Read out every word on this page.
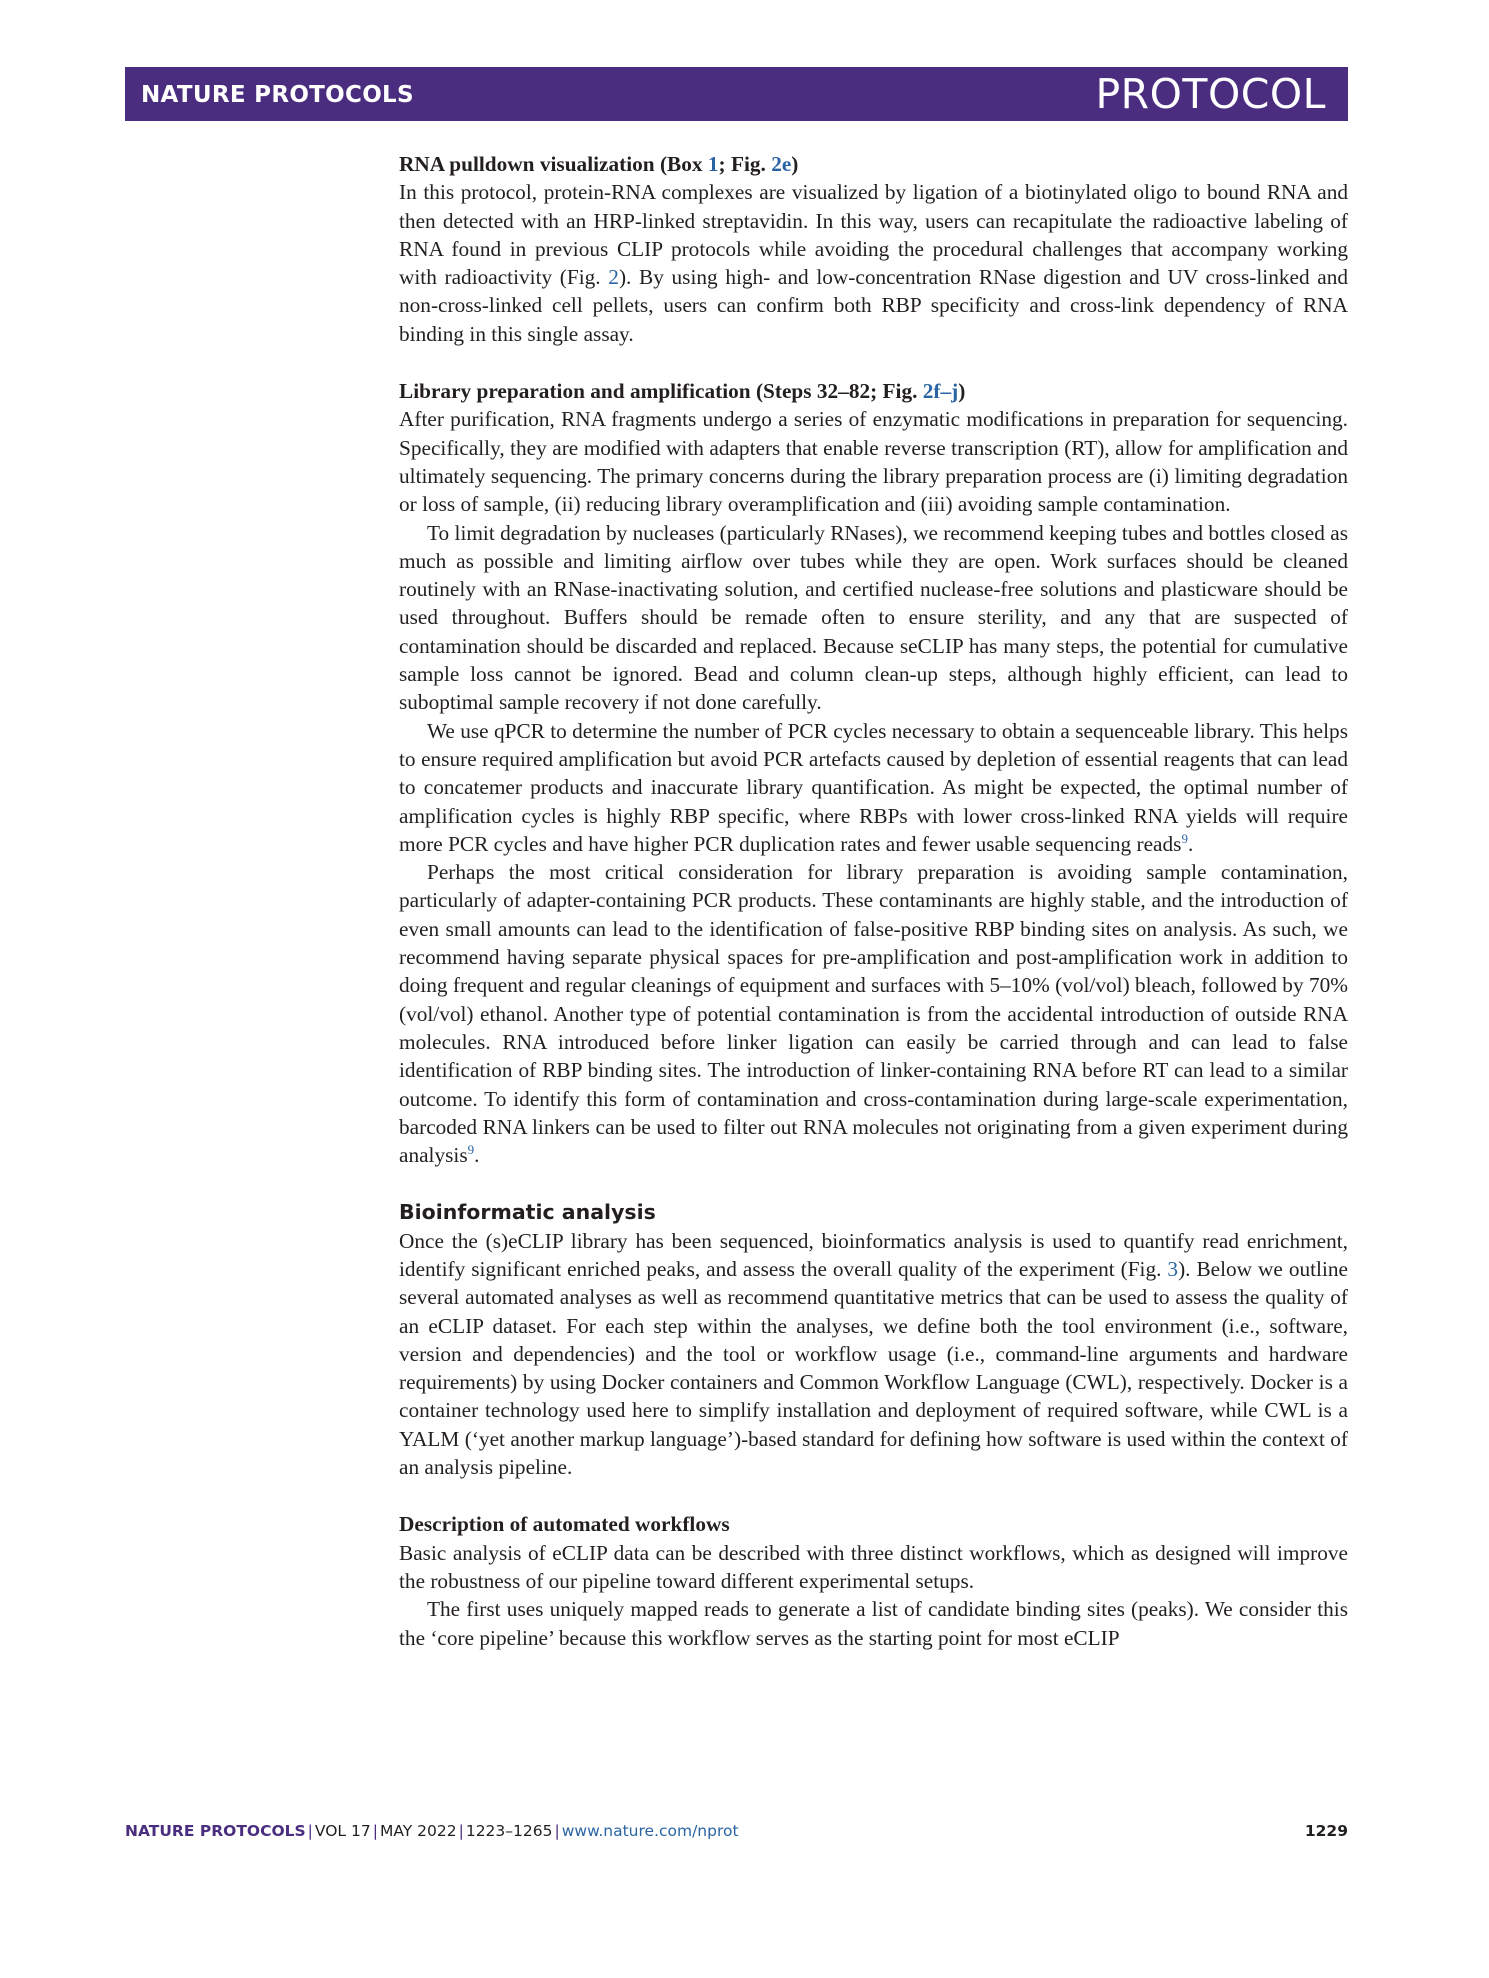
NATURE PROTOCOLS	PROTOCOL

RNA pulldown visualization (Box 1; Fig. 2e)

In this protocol, protein-RNA complexes are visualized by ligation of a biotinylated oligo to bound RNA and then detected with an HRP-linked streptavidin. In this way, users can recapitulate the radioactive labeling of RNA found in previous CLIP protocols while avoiding the procedural challenges that accompany working with radioactivity (Fig. 2). By using high- and low-concentration RNase digestion and UV cross-linked and non-cross-linked cell pellets, users can confirm both RBP specificity and cross-link dependency of RNA binding in this single assay.

Library preparation and amplification (Steps 32–82; Fig. 2f–j)

After purification, RNA fragments undergo a series of enzymatic modifications in preparation for sequencing. Specifically, they are modified with adapters that enable reverse transcription (RT), allow for amplification and ultimately sequencing. The primary concerns during the library preparation process are (i) limiting degradation or loss of sample, (ii) reducing library overamplification and (iii) avoiding sample contamination.

To limit degradation by nucleases (particularly RNases), we recommend keeping tubes and bottles closed as much as possible and limiting airflow over tubes while they are open. Work surfaces should be cleaned routinely with an RNase-inactivating solution, and certified nuclease-free solutions and plasticware should be used throughout. Buffers should be remade often to ensure sterility, and any that are suspected of contamination should be discarded and replaced. Because seCLIP has many steps, the potential for cumulative sample loss cannot be ignored. Bead and column clean-up steps, although highly efficient, can lead to suboptimal sample recovery if not done carefully.

We use qPCR to determine the number of PCR cycles necessary to obtain a sequenceable library. This helps to ensure required amplification but avoid PCR artefacts caused by depletion of essential reagents that can lead to concatemer products and inaccurate library quantification. As might be expected, the optimal number of amplification cycles is highly RBP specific, where RBPs with lower cross-linked RNA yields will require more PCR cycles and have higher PCR duplication rates and fewer usable sequencing reads$^9$.

Perhaps the most critical consideration for library preparation is avoiding sample contamination, particularly of adapter-containing PCR products. These contaminants are highly stable, and the introduction of even small amounts can lead to the identification of false-positive RBP binding sites on analysis. As such, we recommend having separate physical spaces for pre-amplification and post-amplification work in addition to doing frequent and regular cleanings of equipment and surfaces with 5–10% (vol/vol) bleach, followed by 70% (vol/vol) ethanol. Another type of potential contamination is from the accidental introduction of outside RNA molecules. RNA introduced before linker ligation can easily be carried through and can lead to false identification of RBP binding sites. The introduction of linker-containing RNA before RT can lead to a similar outcome. To identify this form of contamination and cross-contamination during large-scale experimentation, barcoded RNA linkers can be used to filter out RNA molecules not originating from a given experiment during analysis$^9$.

Bioinformatic analysis

Once the (s)eCLIP library has been sequenced, bioinformatics analysis is used to quantify read enrichment, identify significant enriched peaks, and assess the overall quality of the experiment (Fig. 3). Below we outline several automated analyses as well as recommend quantitative metrics that can be used to assess the quality of an eCLIP dataset. For each step within the analyses, we define both the tool environment (i.e., software, version and dependencies) and the tool or workflow usage (i.e., command-line arguments and hardware requirements) by using Docker containers and Common Workflow Language (CWL), respectively. Docker is a container technology used here to simplify installation and deployment of required software, while CWL is a YALM (‘yet another markup language’)-based standard for defining how software is used within the context of an analysis pipeline.

Description of automated workflows

Basic analysis of eCLIP data can be described with three distinct workflows, which as designed will improve the robustness of our pipeline toward different experimental setups.

The first uses uniquely mapped reads to generate a list of candidate binding sites (peaks). We consider this the ‘core pipeline’ because this workflow serves as the starting point for most eCLIP

NATURE PROTOCOLS | VOL 17 | MAY 2022 | 1223–1265 | www.nature.com/nprot	1229
